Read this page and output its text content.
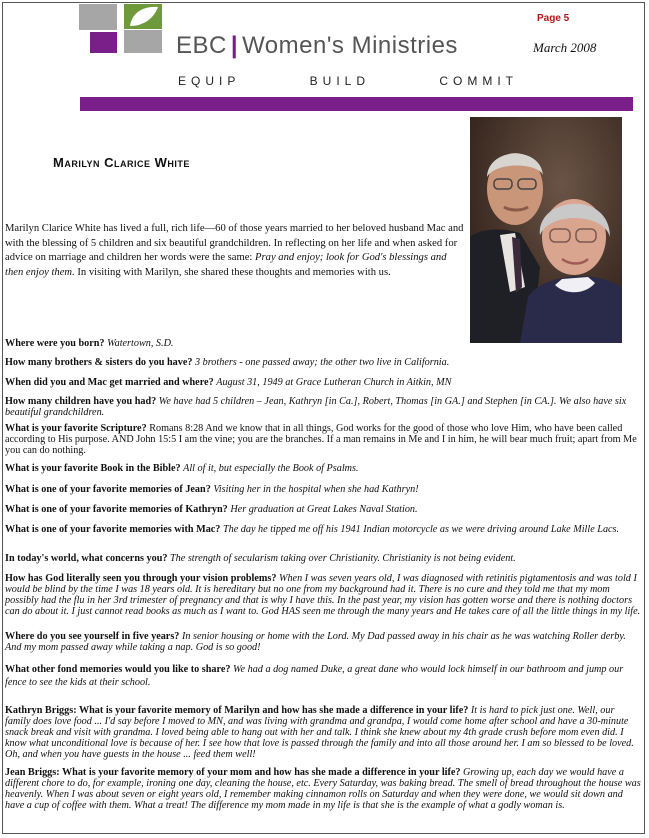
EBC | Women's Ministries
EQUIP	BUILD	COMMIT
Page 5
March 2008
Marilyn Clarice White
Marilyn Clarice White has lived a full, rich life—60 of those years married to her beloved husband Mac and with the blessing of 5 children and six beautiful grandchildren. In reflecting on her life and when asked for advice on marriage and children her words were the same: Pray and enjoy; look for God's blessings and then enjoy them. In visiting with Marilyn, she shared these thoughts and memories with us.
Where were you born? Watertown, S.D.
How many brothers & sisters do you have? 3 brothers - one passed away; the other two live in California.
When did you and Mac get married and where? August 31, 1949 at Grace Lutheran Church in Aitkin, MN
How many children have you had? We have had 5 children – Jean, Kathryn [in Ca.], Robert, Thomas [in GA.] and Stephen [in CA.]. We also have six beautiful grandchildren.
What is your favorite Scripture? Romans 8:28 And we know that in all things, God works for the good of those who love Him, who have been called according to His purpose. AND John 15:5 I am the vine; you are the branches. If a man remains in Me and I in him, he will bear much fruit; apart from Me you can do nothing.
What is your favorite Book in the Bible? All of it, but especially the Book of Psalms.
What is one of your favorite memories of Jean? Visiting her in the hospital when she had Kathryn!
What is one of your favorite memories of Kathryn? Her graduation at Great Lakes Naval Station.
What is one of your favorite memories with Mac? The day he tipped me off his 1941 Indian motorcycle as we were driving around Lake Mille Lacs.
In today's world, what concerns you? The strength of secularism taking over Christianity. Christianity is not being evident.
How has God literally seen you through your vision problems? When I was seven years old, I was diagnosed with retinitis pigtamentosis and was told I would be blind by the time I was 18 years old. It is hereditary but no one from my background had it. There is no cure and they told me that my mom possibly had the flu in her 3rd trimester of pregnancy and that is why I have this. In the past year, my vision has gotten worse and there is nothing doctors can do about it. I just cannot read books as much as I want to. God HAS seen me through the many years and He takes care of all the little things in my life.
Where do you see yourself in five years? In senior housing or home with the Lord. My Dad passed away in his chair as he was watching Roller derby. And my mom passed away while taking a nap. God is so good!
What other fond memories would you like to share? We had a dog named Duke, a great dane who would lock himself in our bathroom and jump our fence to see the kids at their school.
Kathryn Briggs: What is your favorite memory of Marilyn and how has she made a difference in your life? It is hard to pick just one. Well, our family does love food ... I'd say before I moved to MN, and was living with grandma and grandpa, I would come home after school and have a 30-minute snack break and visit with grandma. I loved being able to hang out with her and talk. I think she knew about my 4th grade crush before mom even did. I know what unconditional love is because of her. I see how that love is passed through the family and into all those around her. I am so blessed to be loved. Oh, and when you have guests in the house ... feed them well!
Jean Briggs: What is your favorite memory of your mom and how has she made a difference in your life? Growing up, each day we would have a different chore to do, for example, ironing one day, cleaning the house, etc. Every Saturday, was baking bread. The smell of bread throughout the house was heavenly. When I was about seven or eight years old, I remember making cinnamon rolls on Saturday and when they were done, we would sit down and have a cup of coffee with them. What a treat! The difference my mom made in my life is that she is the example of what a godly woman is.
